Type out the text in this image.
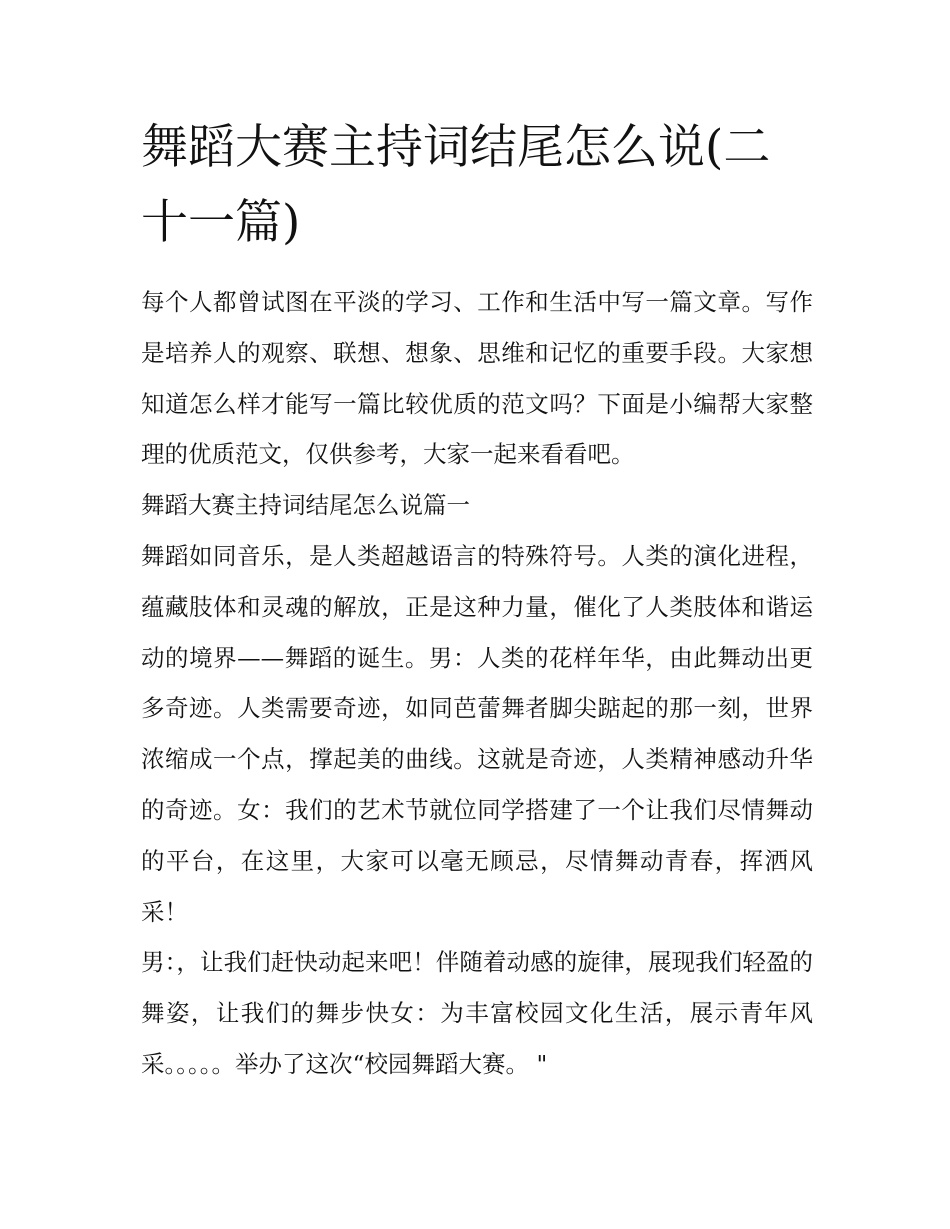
舞蹈大赛主持词结尾怎么说(二十一篇)

每个人都曾试图在平淡的学习、工作和生活中写一篇文章。写作是培养人的观察、联想、想象、思维和记忆的重要手段。大家想知道怎么样才能写一篇比较优质的范文吗？下面是小编帮大家整理的优质范文，仅供参考，大家一起来看看吧。

舞蹈大赛主持词结尾怎么说篇一

舞蹈如同音乐，是人类超越语言的特殊符号。人类的演化进程，蕴藏肢体和灵魂的解放，正是这种力量，催化了人类肢体和谐运动的境界——舞蹈的诞生。男：人类的花样年华，由此舞动出更多奇迹。人类需要奇迹，如同芭蕾舞者脚尖踮起的那一刻，世界浓缩成一个点，撑起美的曲线。这就是奇迹，人类精神感动升华的奇迹。女：我们的艺术节就位同学搭建了一个让我们尽情舞动的平台，在这里，大家可以毫无顾忌，尽情舞动青春，挥洒风采！

男：，让我们赶快动起来吧！伴随着动感的旋律，展现我们轻盈的舞姿，让我们的舞步快女：为丰富校园文化生活，展示青年风采。。。。。举办了这次“校园舞蹈大赛。 "
